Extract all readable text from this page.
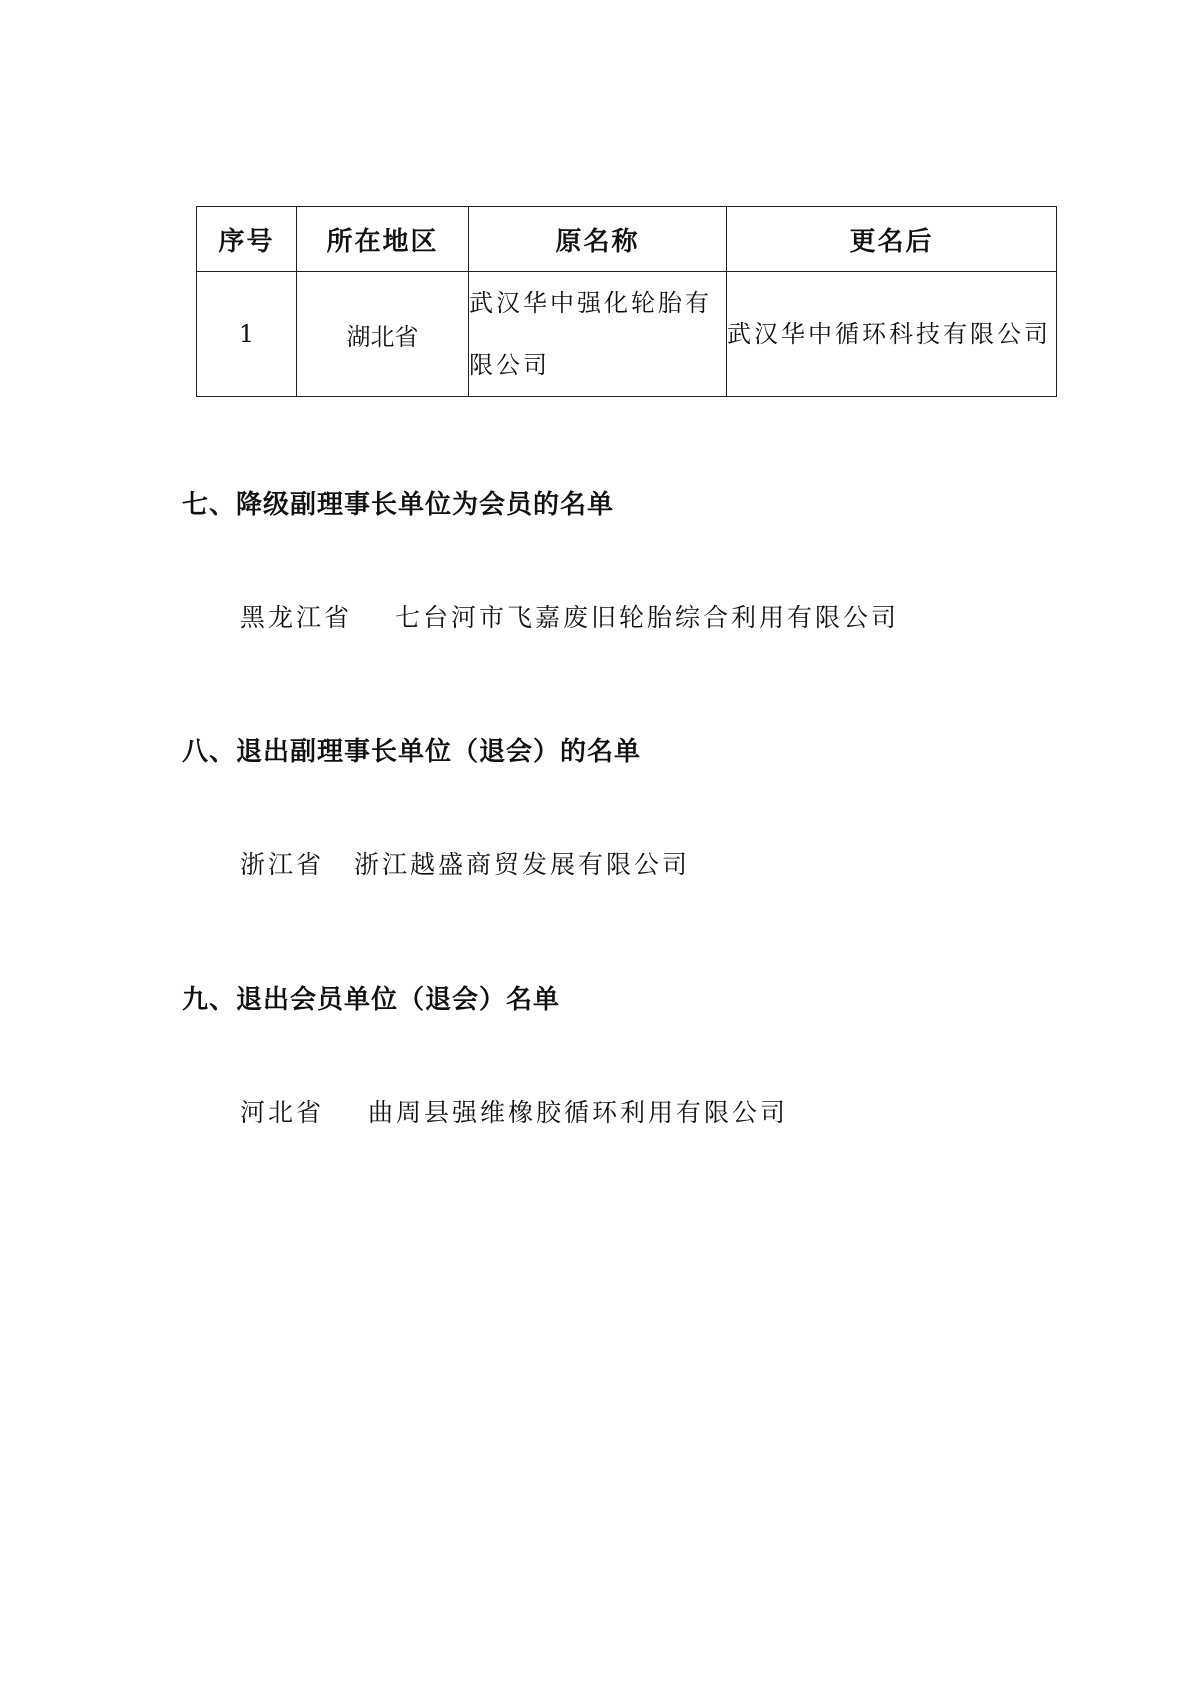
序号	所在地区	原名称	更名后
1	湖北省	武汉华中强化轮胎有限公司	武汉华中循环科技有限公司
七、降级副理事长单位为会员的名单
黑龙江省 七台河市飞嘉废旧轮胎综合利用有限公司
八、退出副理事长单位（退会）的名单
浙江省 浙江越盛商贸发展有限公司
九、退出会员单位（退会）名单
河北省 曲周县强维橡胶循环利用有限公司
